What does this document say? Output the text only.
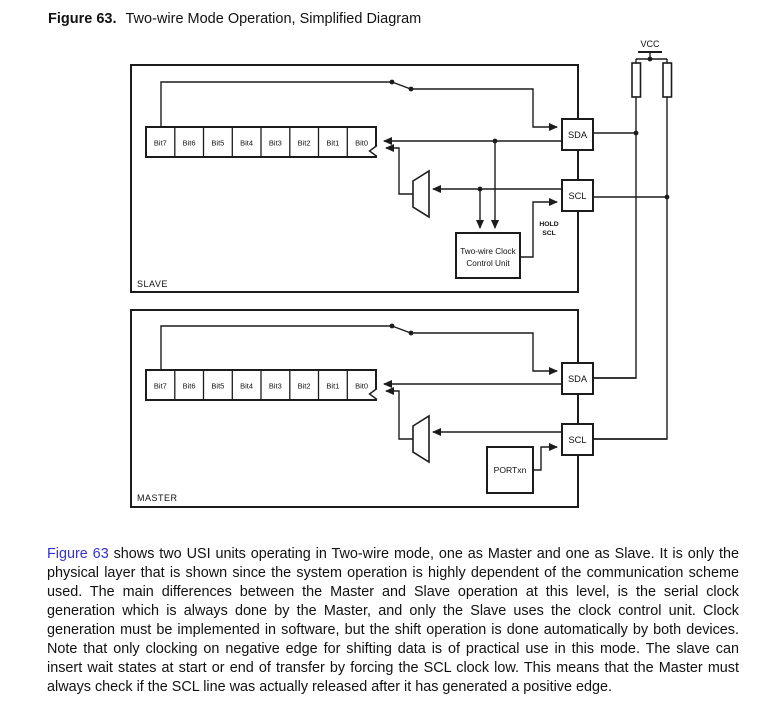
Figure 63. Two-wire Mode Operation, Simplified Diagram
VCC
Bit7 Bit6 Bit5 Bit4 Bit3 Bit2 Bit1 Bit0
Two-wire Clock
Control Unit
HOLD
SCL
SDA
SCL
SLAVE
Bit7 Bit6 Bit5 Bit4 Bit3 Bit2 Bit1 Bit0
PORTxn
SDA
SCL
MASTER

Figure 63 shows two USI units operating in Two-wire mode, one as Master and one as Slave. It is only the physical layer that is shown since the system operation is highly dependent of the communication scheme used. The main differences between the Master and Slave operation at this level, is the serial clock generation which is always done by the Master, and only the Slave uses the clock control unit. Clock generation must be implemented in software, but the shift operation is done automatically by both devices. Note that only clocking on negative edge for shifting data is of practical use in this mode. The slave can insert wait states at start or end of transfer by forcing the SCL clock low. This means that the Master must always check if the SCL line was actually released after it has generated a positive edge.
